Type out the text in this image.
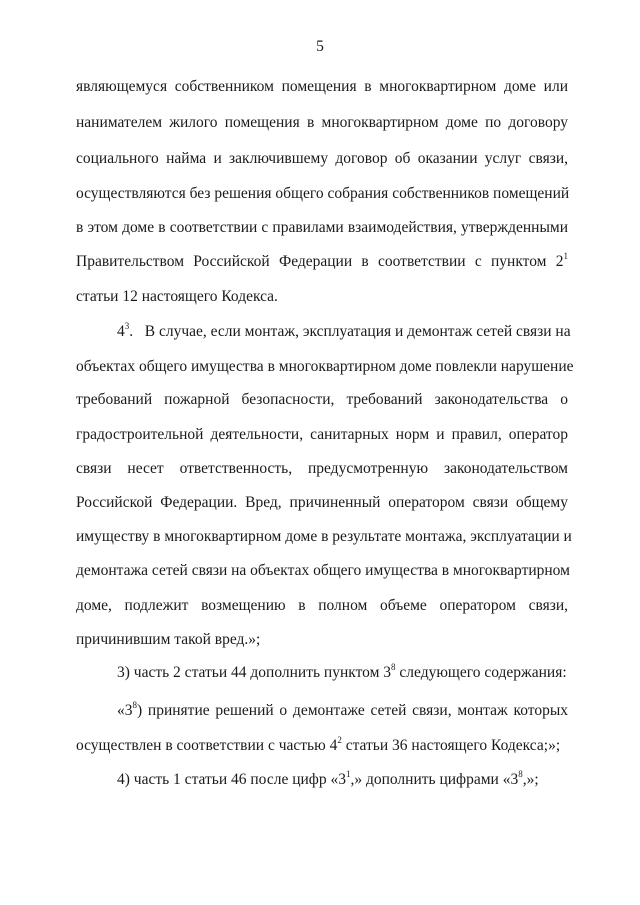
5
являющемуся собственником помещения в многоквартирном доме или
нанимателем жилого помещения в многоквартирном доме по договору
социального найма и заключившему договор об оказании услуг связи,
осуществляются без решения общего собрания собственников помещений
в этом доме в соответствии с правилами взаимодействия, утвержденными
Правительством Российской Федерации в соответствии с пунктом $2^1$
статьи 12 настоящего Кодекса.
$4^3$.   В случае, если монтаж, эксплуатация и демонтаж сетей связи на
объектах общего имущества в многоквартирном доме повлекли нарушение
требований пожарной безопасности, требований законодательства о
градостроительной деятельности, санитарных норм и правил, оператор
связи несет ответственность, предусмотренную законодательством
Российской Федерации. Вред, причиненный оператором связи общему
имуществу в многоквартирном доме в результате монтажа, эксплуатации и
демонтажа сетей связи на объектах общего имущества в многоквартирном
доме, подлежит возмещению в полном объеме оператором связи,
причинившим такой вред.»;
3) часть 2 статьи 44 дополнить пунктом $3^8$ следующего содержания:
«$3^8$) принятие решений о демонтаже сетей связи, монтаж которых
осуществлен в соответствии с частью $4^2$ статьи 36 настоящего Кодекса;»;
4) часть 1 статьи 46 после цифр «$3^1$,» дополнить цифрами «$3^8$,»;
